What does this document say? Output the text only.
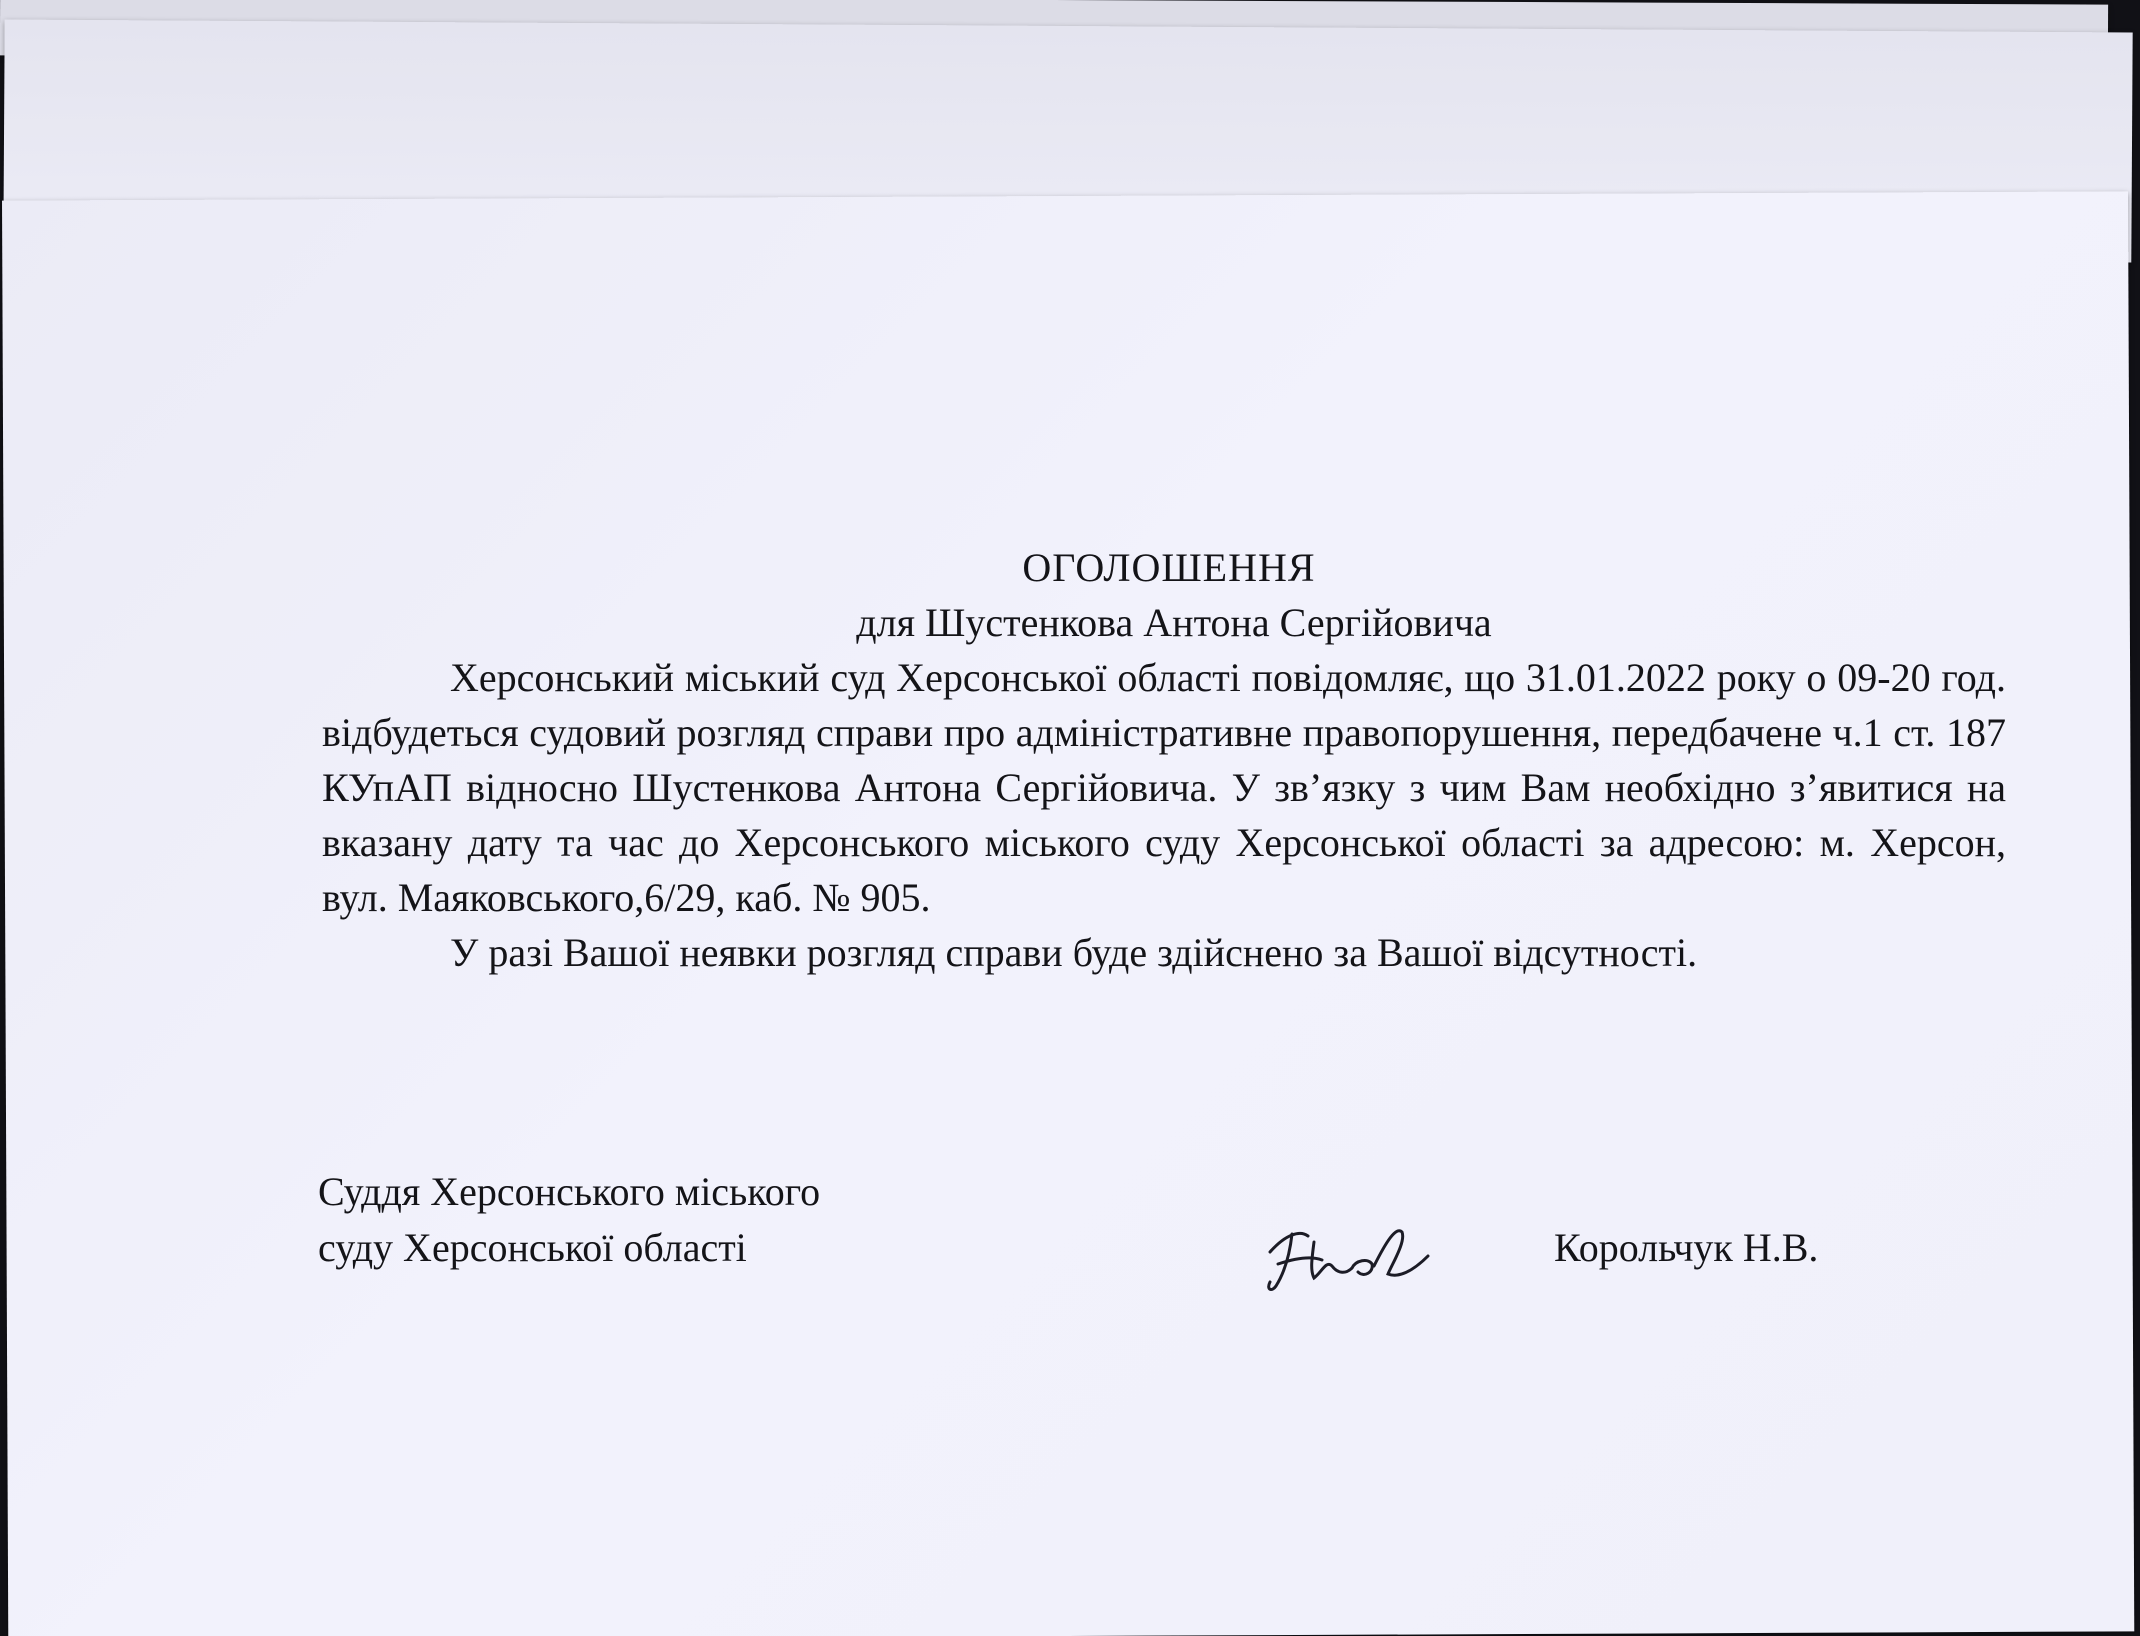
ОГОЛОШЕННЯ

для Шустенкова Антона Сергійовича

Херсонський міський суд Херсонської області повідомляє, що 31.01.2022 року о 09-20 год. відбудеться судовий розгляд справи про адміністративне правопорушення, передбачене ч.1 ст. 187 КУпАП відносно Шустенкова Антона Сергійовича. У зв’язку з чим Вам необхідно з’явитися на вказану дату та час до Херсонського міського суду Херсонської області за адресою: м. Херсон, вул. Маяковського,6/29, каб. № 905.

У разі Вашої неявки розгляд справи буде здійснено за Вашої відсутності.

Суддя Херсонського міського
суду Херсонської області	Корольчук Н.В.
